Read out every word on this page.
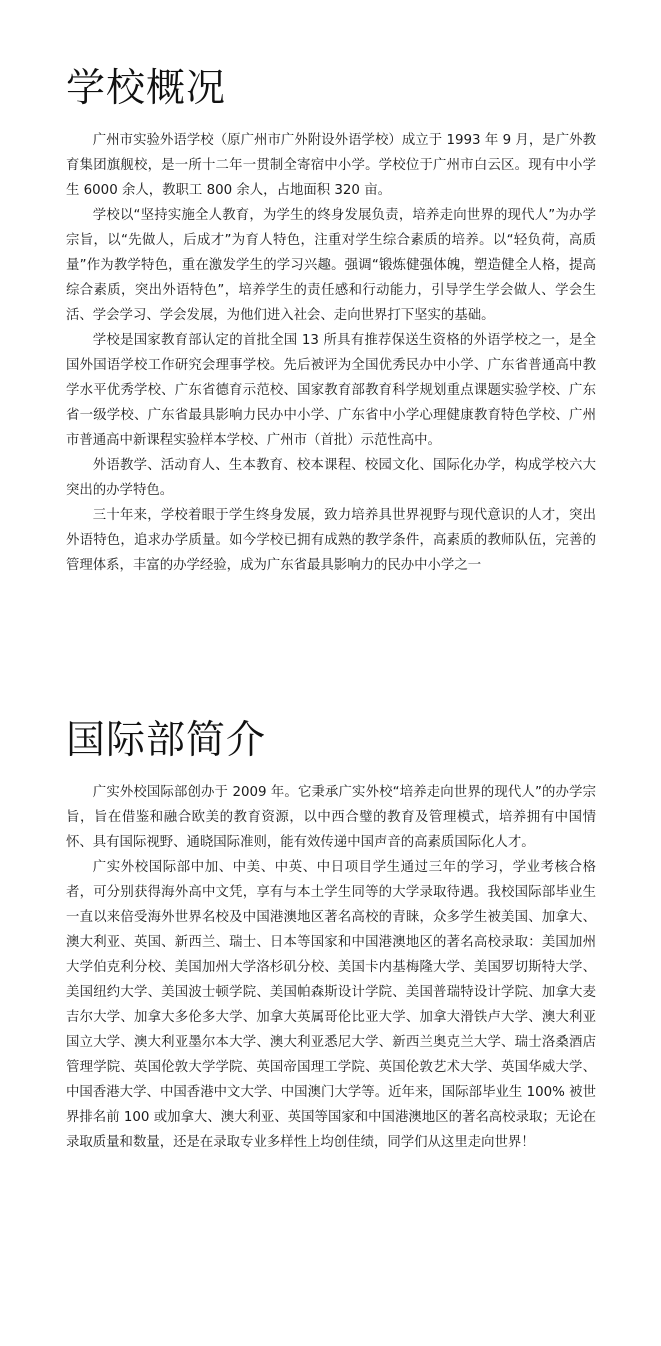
学校概况

广州市实验外语学校（原广州市广外附设外语学校）成立于 1993 年 9 月，是广外教育集团旗舰校，是一所十二年一贯制全寄宿中小学。学校位于广州市白云区。现有中小学生 6000 余人，教职工 800 余人，占地面积 320 亩。

学校以“坚持实施全人教育，为学生的终身发展负责，培养走向世界的现代人”为办学宗旨，以“先做人，后成才”为育人特色，注重对学生综合素质的培养。以“轻负荷，高质量”作为教学特色，重在激发学生的学习兴趣。强调“锻炼健强体魄，塑造健全人格，提高综合素质，突出外语特色”，培养学生的责任感和行动能力，引导学生学会做人、学会生活、学会学习、学会发展，为他们进入社会、走向世界打下坚实的基础。

学校是国家教育部认定的首批全国 13 所具有推荐保送生资格的外语学校之一，是全国外国语学校工作研究会理事学校。先后被评为全国优秀民办中小学、广东省普通高中教学水平优秀学校、广东省德育示范校、国家教育部教育科学规划重点课题实验学校、广东省一级学校、广东省最具影响力民办中小学、广东省中小学心理健康教育特色学校、广州市普通高中新课程实验样本学校、广州市（首批）示范性高中。

外语教学、活动育人、生本教育、校本课程、校园文化、国际化办学，构成学校六大突出的办学特色。

三十年来，学校着眼于学生终身发展，致力培养具世界视野与现代意识的人才，突出外语特色，追求办学质量。如今学校已拥有成熟的教学条件，高素质的教师队伍，完善的管理体系，丰富的办学经验，成为广东省最具影响力的民办中小学之一

国际部简介

广实外校国际部创办于 2009 年。它秉承广实外校“培养走向世界的现代人”的办学宗旨，旨在借鉴和融合欧美的教育资源，以中西合璧的教育及管理模式，培养拥有中国情怀、具有国际视野、通晓国际准则，能有效传递中国声音的高素质国际化人才。

广实外校国际部中加、中美、中英、中日项目学生通过三年的学习，学业考核合格者，可分别获得海外高中文凭，享有与本土学生同等的大学录取待遇。我校国际部毕业生一直以来倍受海外世界名校及中国港澳地区著名高校的青睐，众多学生被美国、加拿大、澳大利亚、英国、新西兰、瑞士、日本等国家和中国港澳地区的著名高校录取：美国加州大学伯克利分校、美国加州大学洛杉矶分校、美国卡内基梅隆大学、美国罗切斯特大学、美国纽约大学、美国波士顿学院、美国帕森斯设计学院、美国普瑞特设计学院、加拿大麦吉尔大学、加拿大多伦多大学、加拿大英属哥伦比亚大学、加拿大滑铁卢大学、澳大利亚国立大学、澳大利亚墨尔本大学、澳大利亚悉尼大学、新西兰奥克兰大学、瑞士洛桑酒店管理学院、英国伦敦大学学院、英国帝国理工学院、英国伦敦艺术大学、英国华威大学、中国香港大学、中国香港中文大学、中国澳门大学等。近年来，国际部毕业生 100% 被世界排名前 100 或加拿大、澳大利亚、英国等国家和中国港澳地区的著名高校录取；无论在录取质量和数量，还是在录取专业多样性上均创佳绩，同学们从这里走向世界！
